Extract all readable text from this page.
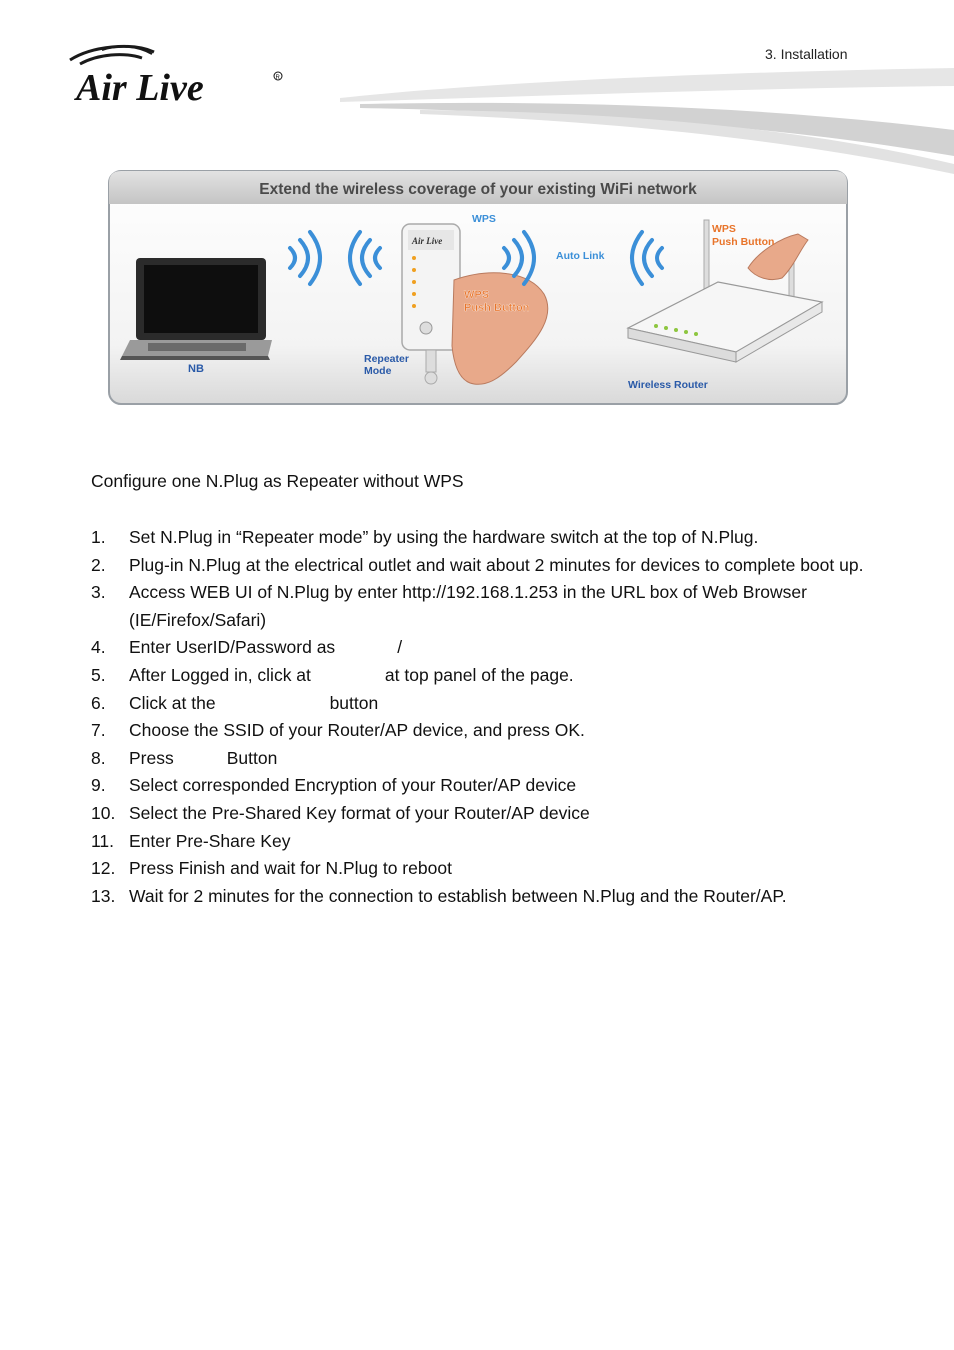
Air Live	R
3. Installation
Extend the wireless coverage of your existing WiFi network
NB
Air Live
WPS
WPS
Push Button
Repeater
Mode
Auto Link
WPS
Push Button
Wireless Router
Configure one N.Plug as Repeater without WPS
1. Set N.Plug in “Repeater mode” by using the hardware switch at the top of N.Plug.
2. Plug-in N.Plug at the electrical outlet and wait about 2 minutes for devices to complete boot up.
3. Access WEB UI of N.Plug by enter http://192.168.1.253 in the URL box of Web Browser (IE/Firefox/Safari)
4. Enter UserID/Password as	/
5. After Logged in, click at	at top panel of the page.
6. Click at the	button
7. Choose the SSID of your Router/AP device, and press OK.
8. Press	Button
9. Select corresponded Encryption of your Router/AP device
10. Select the Pre-Shared Key format of your Router/AP device
11. Enter Pre-Share Key
12. Press Finish and wait for N.Plug to reboot
13. Wait for 2 minutes for the connection to establish between N.Plug and the Router/AP.
